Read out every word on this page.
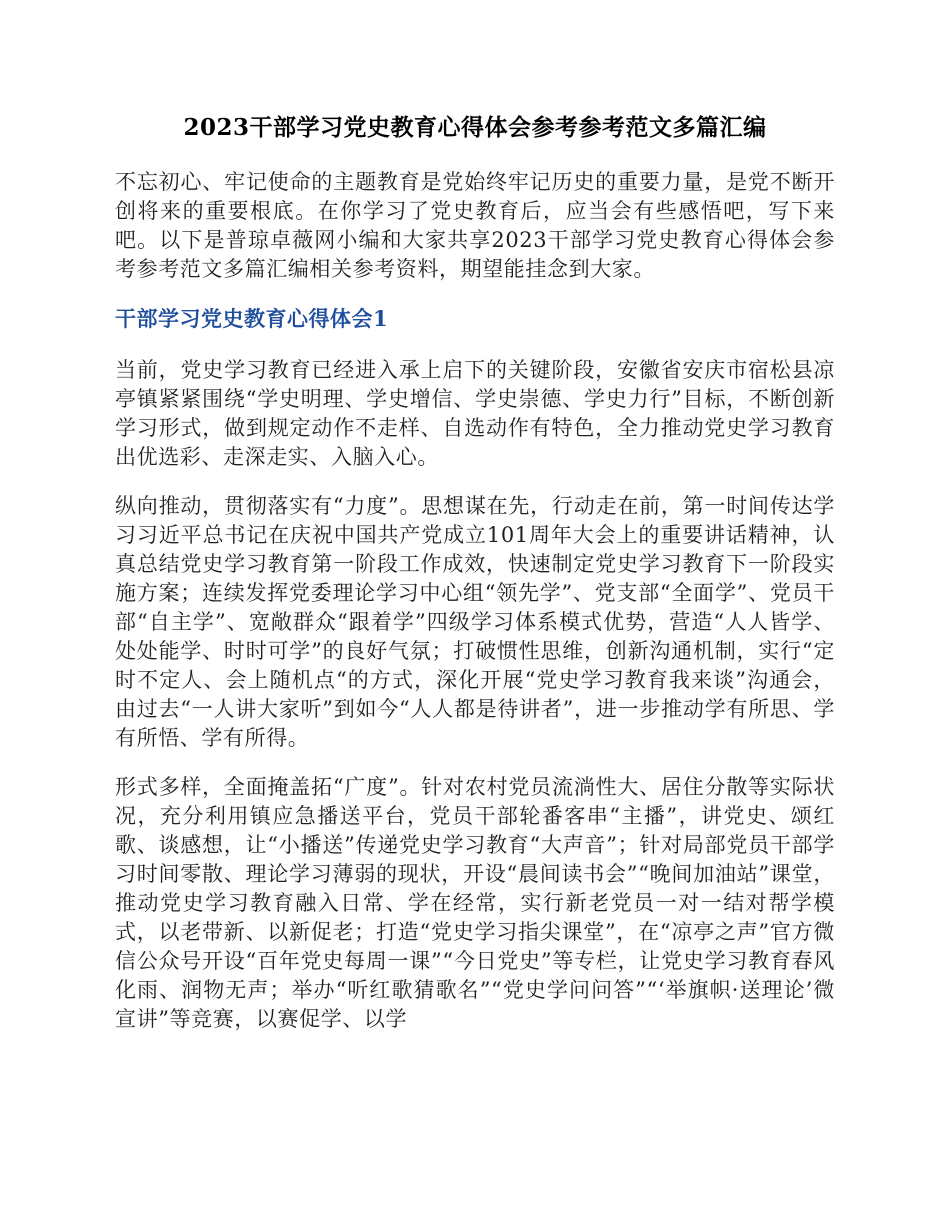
2023干部学习党史教育心得体会参考参考范文多篇汇编

不忘初心、牢记使命的主题教育是党始终牢记历史的重要力量，是党不断开创将来的重要根底。在你学习了党史教育后，应当会有些感悟吧，写下来吧。以下是普琼卓薇网小编和大家共享2023干部学习党史教育心得体会参考参考范文多篇汇编相关参考资料，期望能挂念到大家。

干部学习党史教育心得体会1

当前，党史学习教育已经进入承上启下的关键阶段，安徽省安庆市宿松县凉亭镇紧紧围绕“学史明理、学史增信、学史崇德、学史力行”目标，不断创新学习形式，做到规定动作不走样、自选动作有特色，全力推动党史学习教育出优选彩、走深走实、入脑入心。

纵向推动，贯彻落实有“力度”。思想谋在先，行动走在前，第一时间传达学习习近平总书记在庆祝中国共产党成立101周年大会上的重要讲话精神，认真总结党史学习教育第一阶段工作成效，快速制定党史学习教育下一阶段实施方案；连续发挥党委理论学习中心组“领先学”、党支部“全面学”、党员干部“自主学”、宽敞群众“跟着学”四级学习体系模式优势，营造“人人皆学、处处能学、时时可学”的良好气氛；打破惯性思维，创新沟通机制，实行“定时不定人、会上随机点“的方式，深化开展“党史学习教育我来谈”沟通会，由过去“一人讲大家听”到如今“人人都是待讲者”，进一步推动学有所思、学有所悟、学有所得。

形式多样，全面掩盖拓“广度”。针对农村党员流淌性大、居住分散等实际状况，充分利用镇应急播送平台，党员干部轮番客串“主播”，讲党史、颂红歌、谈感想，让“小播送”传递党史学习教育“大声音”；针对局部党员干部学习时间零散、理论学习薄弱的现状，开设“晨间读书会”“晚间加油站”课堂，推动党史学习教育融入日常、学在经常，实行新老党员一对一结对帮学模式，以老带新、以新促老；打造“党史学习指尖课堂”，在“凉亭之声”官方微信公众号开设“百年党史每周一课”“今日党史”等专栏，让党史学习教育春风化雨、润物无声；举办“听红歌猜歌名”“党史学问问答”“‘举旗帜·送理论’微宣讲”等竞赛，以赛促学、以学
